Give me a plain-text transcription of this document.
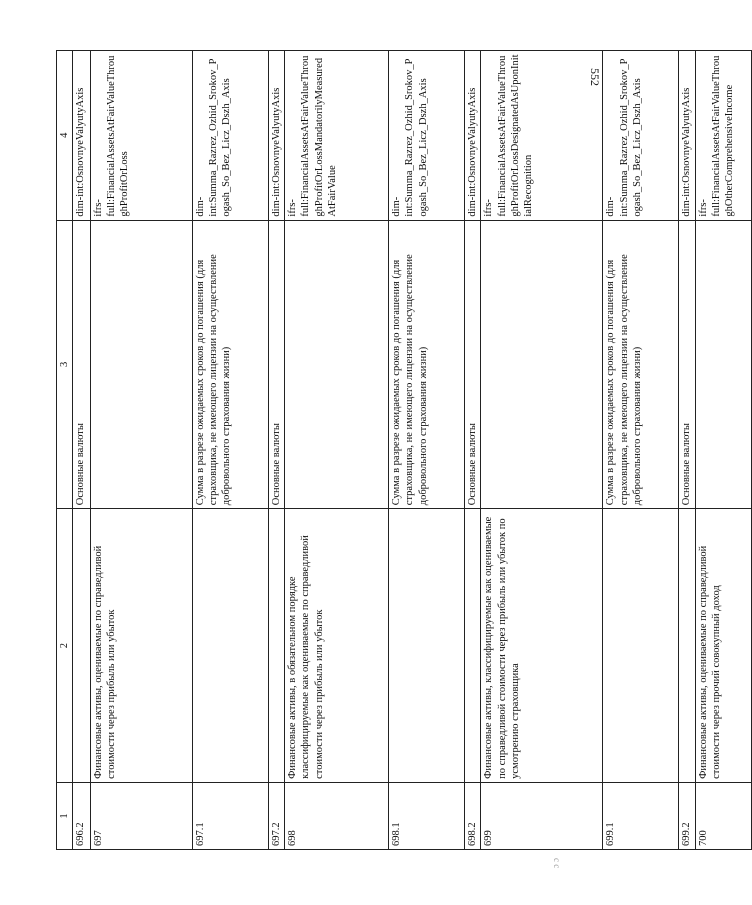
1	2	3	4
696.2		Основные валюты	dim-int:OsnovnyeValyutyAxis
697	Финансовые активы, оцениваемые по справедливой стоимости через прибыль или убыток		ifrs-full:FinancialAssetsAtFairValueThroughProfitOrLoss
697.1		Сумма в разрезе ожидаемых сроков до погашения (для страховщика, не имеющего лицензии на осуществление добровольного страхования жизни)	dim-int:Summa_Razrez_Ozhid_Srokov_Pogash_So_Bez_Licz_Dszh_Axis
697.2		Основные валюты	dim-int:OsnovnyeValyutyAxis
698	Финансовые активы, в обязательном порядке классифицируемые как оцениваемые по справедливой стоимости через прибыль или убыток		ifrs-full:FinancialAssetsAtFairValueThroughProfitOrLossMandatorilyMeasuredAtFairValue
698.1		Сумма в разрезе ожидаемых сроков до погашения (для страховщика, не имеющего лицензии на осуществление добровольного страхования жизни)	dim-int:Summa_Razrez_Ozhid_Srokov_Pogash_So_Bez_Licz_Dszh_Axis
698.2		Основные валюты	dim-int:OsnovnyeValyutyAxis
699	Финансовые активы, классифицируемые как оцениваемые по справедливой стоимости через прибыль или убыток по усмотрению страховщика		ifrs-full:FinancialAssetsAtFairValueThroughProfitOrLossDesignatedAsUponInitialRecognition
699.1		Сумма в разрезе ожидаемых сроков до погашения (для страховщика, не имеющего лицензии на осуществление добровольного страхования жизни)	dim-int:Summa_Razrez_Ozhid_Srokov_Pogash_So_Bez_Licz_Dszh_Axis
699.2		Основные валюты	dim-int:OsnovnyeValyutyAxis
700	Финансовые активы, оцениваемые по справедливой стоимости через прочий совокупный доход		ifrs-full:FinancialAssetsAtFairValueThroughOtherComprehensiveIncome
552
с с
